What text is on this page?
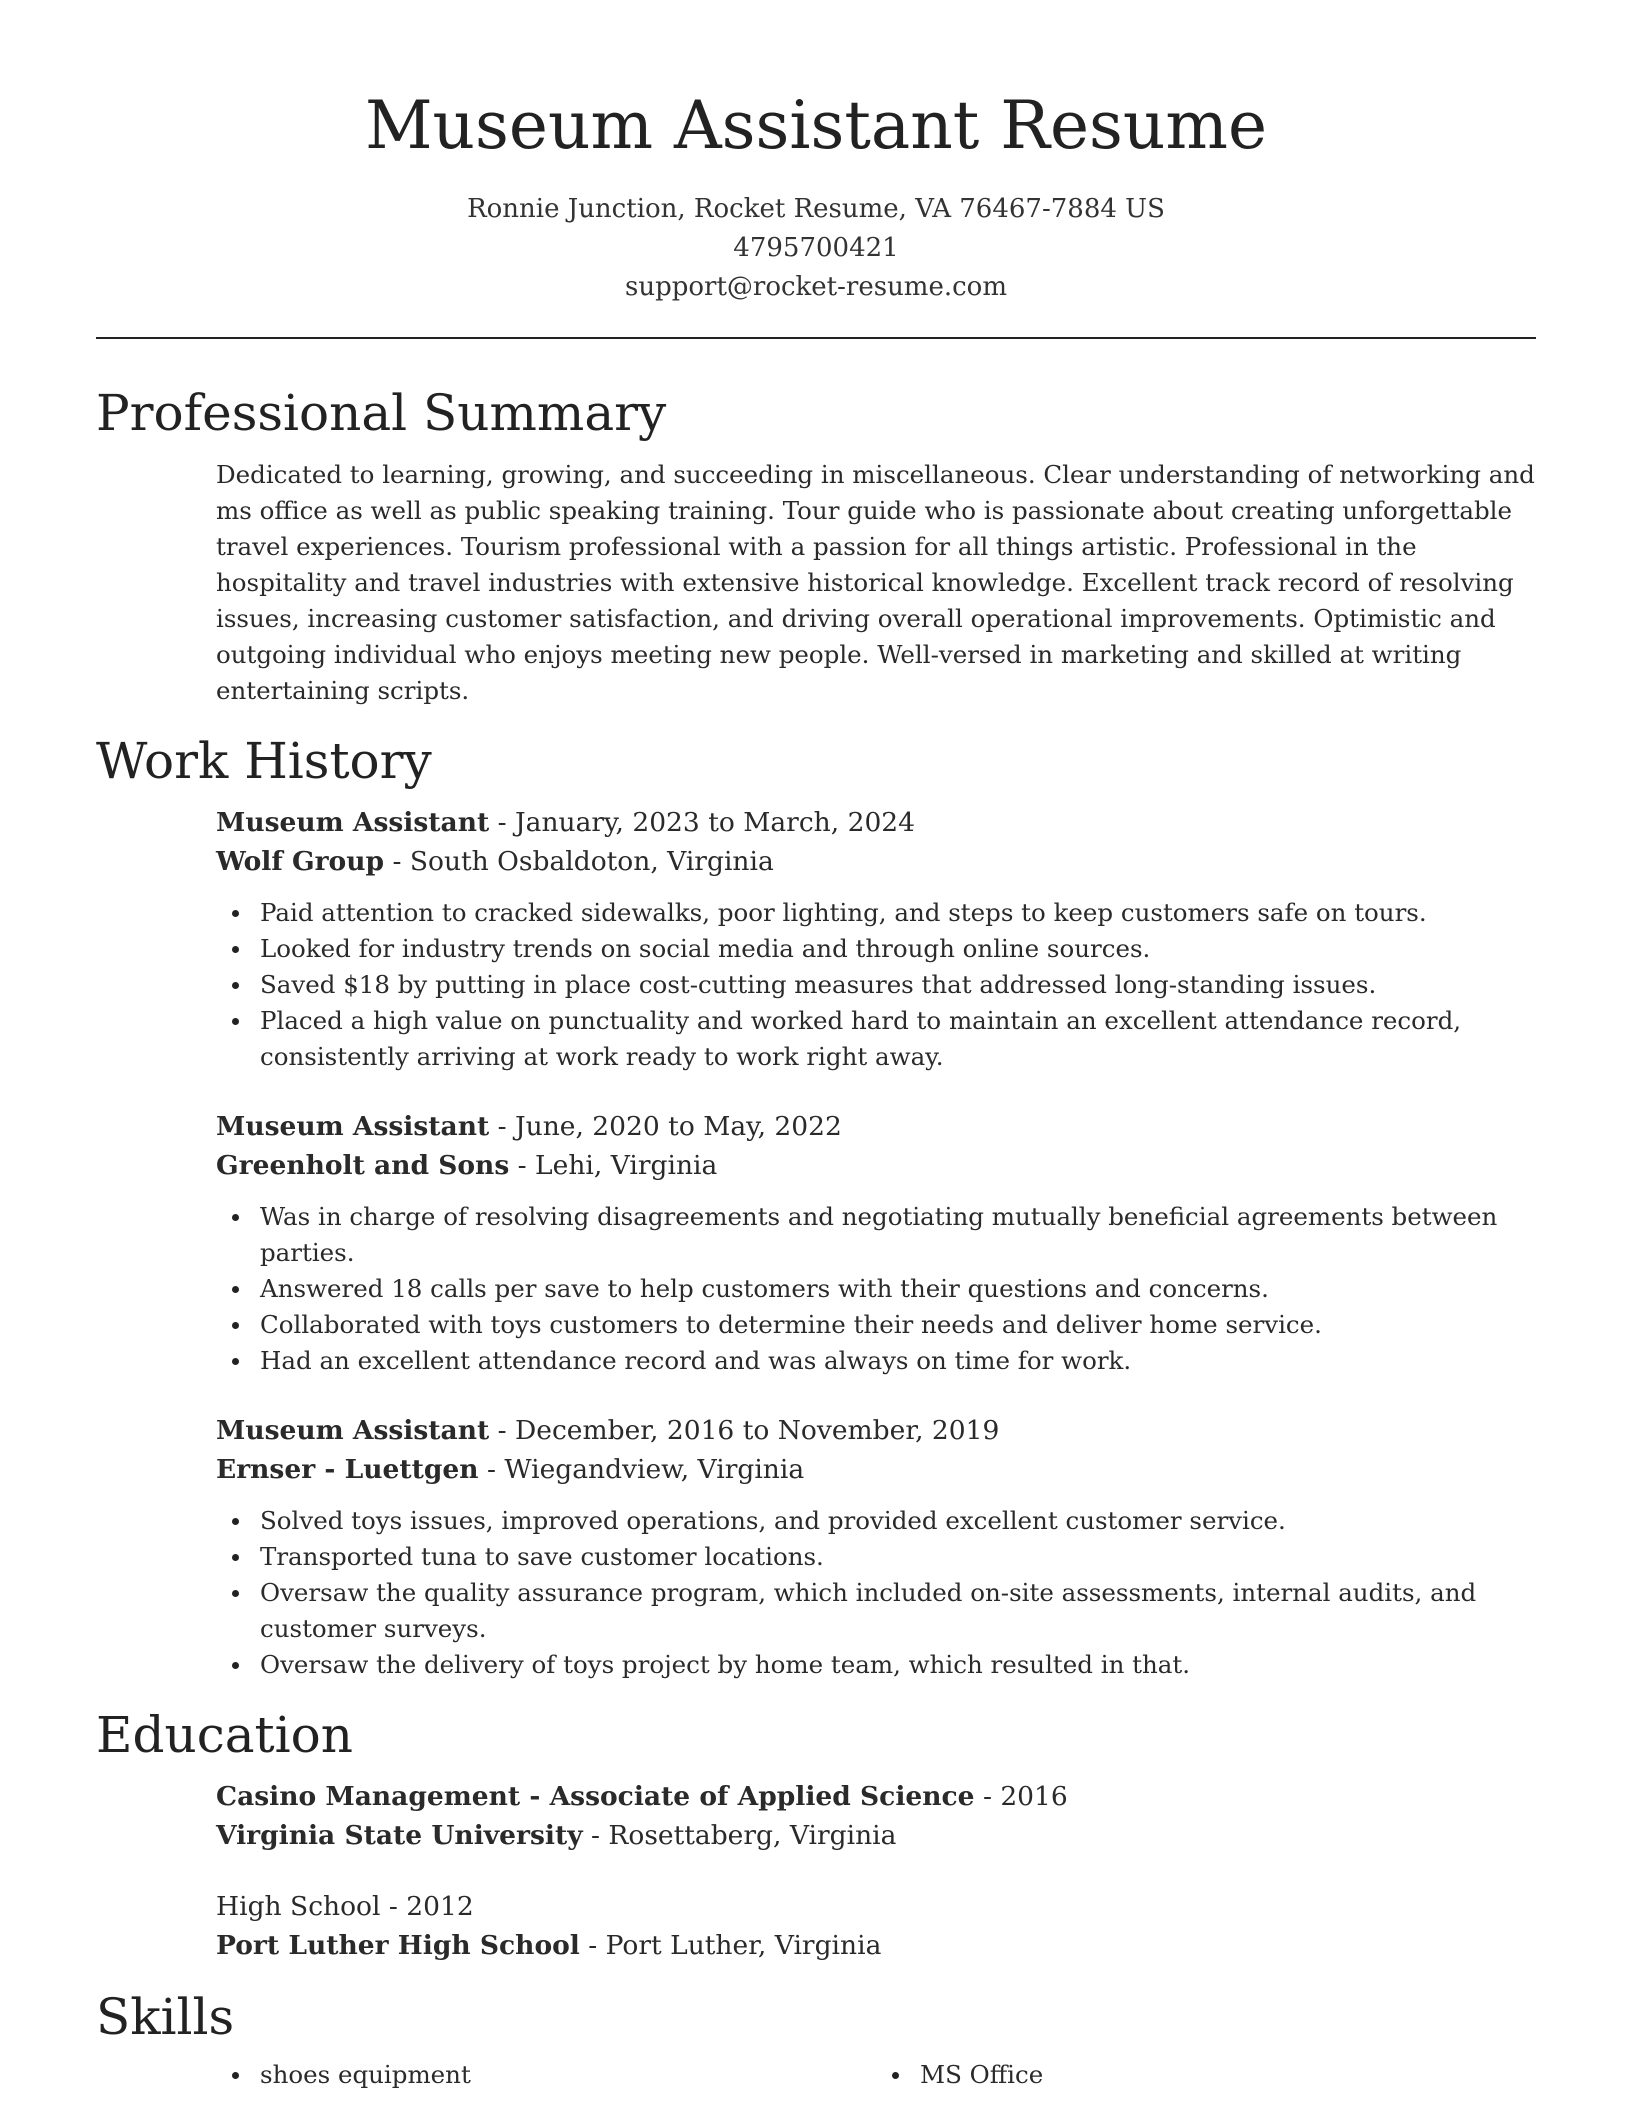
Museum Assistant Resume
Ronnie Junction, Rocket Resume, VA 76467-7884 US
4795700421
support@rocket-resume.com
Professional Summary
Dedicated to learning, growing, and succeeding in miscellaneous. Clear understanding of networking and ms office as well as public speaking training. Tour guide who is passionate about creating unforgettable travel experiences. Tourism professional with a passion for all things artistic. Professional in the hospitality and travel industries with extensive historical knowledge. Excellent track record of resolving issues, increasing customer satisfaction, and driving overall operational improvements. Optimistic and outgoing individual who enjoys meeting new people. Well-versed in marketing and skilled at writing entertaining scripts.
Work History
Museum Assistant - January, 2023 to March, 2024
Wolf Group - South Osbaldoton, Virginia
Paid attention to cracked sidewalks, poor lighting, and steps to keep customers safe on tours.
Looked for industry trends on social media and through online sources.
Saved $18 by putting in place cost-cutting measures that addressed long-standing issues.
Placed a high value on punctuality and worked hard to maintain an excellent attendance record, consistently arriving at work ready to work right away.
Museum Assistant - June, 2020 to May, 2022
Greenholt and Sons - Lehi, Virginia
Was in charge of resolving disagreements and negotiating mutually beneficial agreements between parties.
Answered 18 calls per save to help customers with their questions and concerns.
Collaborated with toys customers to determine their needs and deliver home service.
Had an excellent attendance record and was always on time for work.
Museum Assistant - December, 2016 to November, 2019
Ernser - Luettgen - Wiegandview, Virginia
Solved toys issues, improved operations, and provided excellent customer service.
Transported tuna to save customer locations.
Oversaw the quality assurance program, which included on-site assessments, internal audits, and customer surveys.
Oversaw the delivery of toys project by home team, which resulted in that.
Education
Casino Management - Associate of Applied Science - 2016
Virginia State University - Rosettaberg, Virginia
High School - 2012
Port Luther High School - Port Luther, Virginia
Skills
shoes equipment	MS Office
